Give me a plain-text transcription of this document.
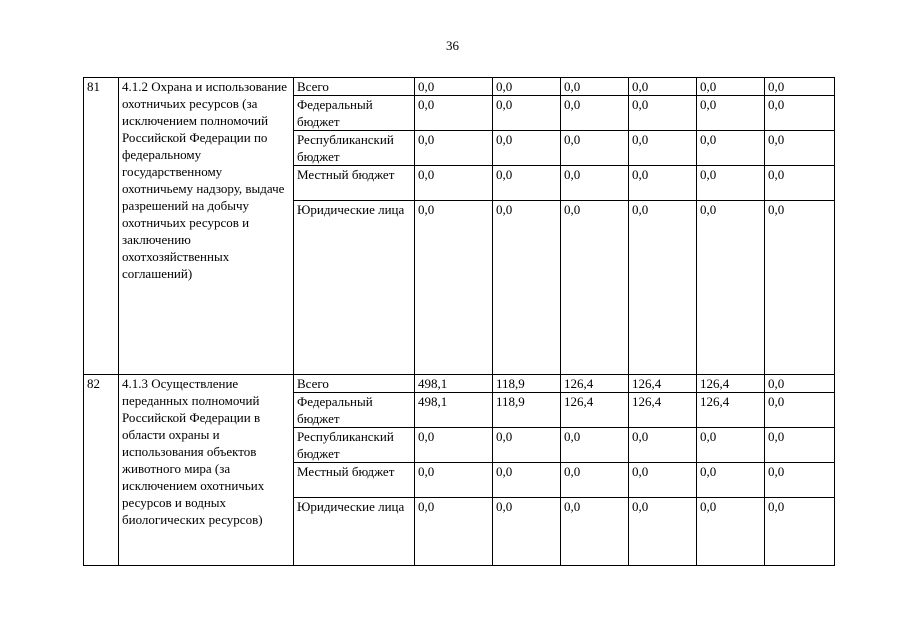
36
81	4.1.2 Охрана и использование охотничьих ресурсов (за исключением полномочий Российской Федерации по федеральному государственному охотничьему надзору, выдаче разрешений на добычу охотничьих ресурсов и заключению охотхозяйственных соглашений)	Всего	0,0	0,0	0,0	0,0	0,0	0,0
		Федеральный бюджет	0,0	0,0	0,0	0,0	0,0	0,0
		Республиканский бюджет	0,0	0,0	0,0	0,0	0,0	0,0
		Местный бюджет	0,0	0,0	0,0	0,0	0,0	0,0
		Юридические лица	0,0	0,0	0,0	0,0	0,0	0,0
82	4.1.3 Осуществление переданных полномочий Российской Федерации в области охраны и использования объектов животного мира (за исключением охотничьих ресурсов и водных биологических ресурсов)	Всего	498,1	118,9	126,4	126,4	126,4	0,0
		Федеральный бюджет	498,1	118,9	126,4	126,4	126,4	0,0
		Республиканский бюджет	0,0	0,0	0,0	0,0	0,0	0,0
		Местный бюджет	0,0	0,0	0,0	0,0	0,0	0,0
		Юридические лица	0,0	0,0	0,0	0,0	0,0	0,0
